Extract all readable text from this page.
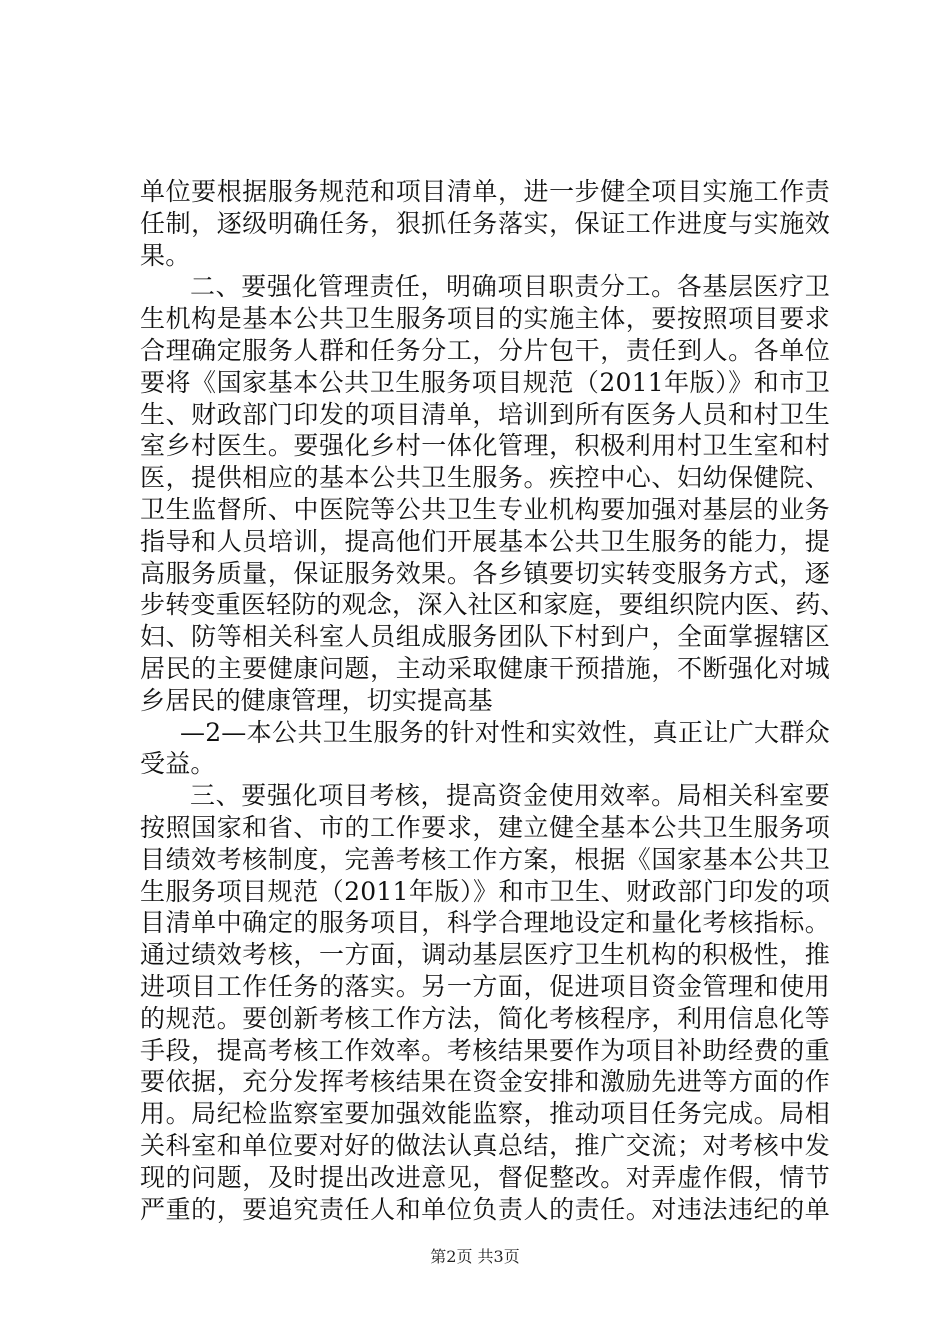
单位要根据服务规范和项目清单，进一步健全项目实施工作责
任制，逐级明确任务，狠抓任务落实，保证工作进度与实施效
果。
二、要强化管理责任，明确项目职责分工。各基层医疗卫
生机构是基本公共卫生服务项目的实施主体，要按照项目要求
合理确定服务人群和任务分工，分片包干，责任到人。各单位
要将《国家基本公共卫生服务项目规范（2011年版）》和市卫
生、财政部门印发的项目清单，培训到所有医务人员和村卫生
室乡村医生。要强化乡村一体化管理，积极利用村卫生室和村
医，提供相应的基本公共卫生服务。疾控中心、妇幼保健院、
卫生监督所、中医院等公共卫生专业机构要加强对基层的业务
指导和人员培训，提高他们开展基本公共卫生服务的能力，提
高服务质量，保证服务效果。各乡镇要切实转变服务方式，逐
步转变重医轻防的观念，深入社区和家庭，要组织院内医、药、
妇、防等相关科室人员组成服务团队下村到户，全面掌握辖区
居民的主要健康问题，主动采取健康干预措施，不断强化对城
乡居民的健康管理，切实提高基
—2—本公共卫生服务的针对性和实效性，真正让广大群众
受益。
三、要强化项目考核，提高资金使用效率。局相关科室要
按照国家和省、市的工作要求，建立健全基本公共卫生服务项
目绩效考核制度，完善考核工作方案，根据《国家基本公共卫
生服务项目规范（2011年版）》和市卫生、财政部门印发的项
目清单中确定的服务项目，科学合理地设定和量化考核指标。
通过绩效考核，一方面，调动基层医疗卫生机构的积极性，推
进项目工作任务的落实。另一方面，促进项目资金管理和使用
的规范。要创新考核工作方法，简化考核程序，利用信息化等
手段，提高考核工作效率。考核结果要作为项目补助经费的重
要依据，充分发挥考核结果在资金安排和激励先进等方面的作
用。局纪检监察室要加强效能监察，推动项目任务完成。局相
关科室和单位要对好的做法认真总结，推广交流；对考核中发
现的问题，及时提出改进意见，督促整改。对弄虚作假，情节
严重的，要追究责任人和单位负责人的责任。对违法违纪的单
第2页 共3页
